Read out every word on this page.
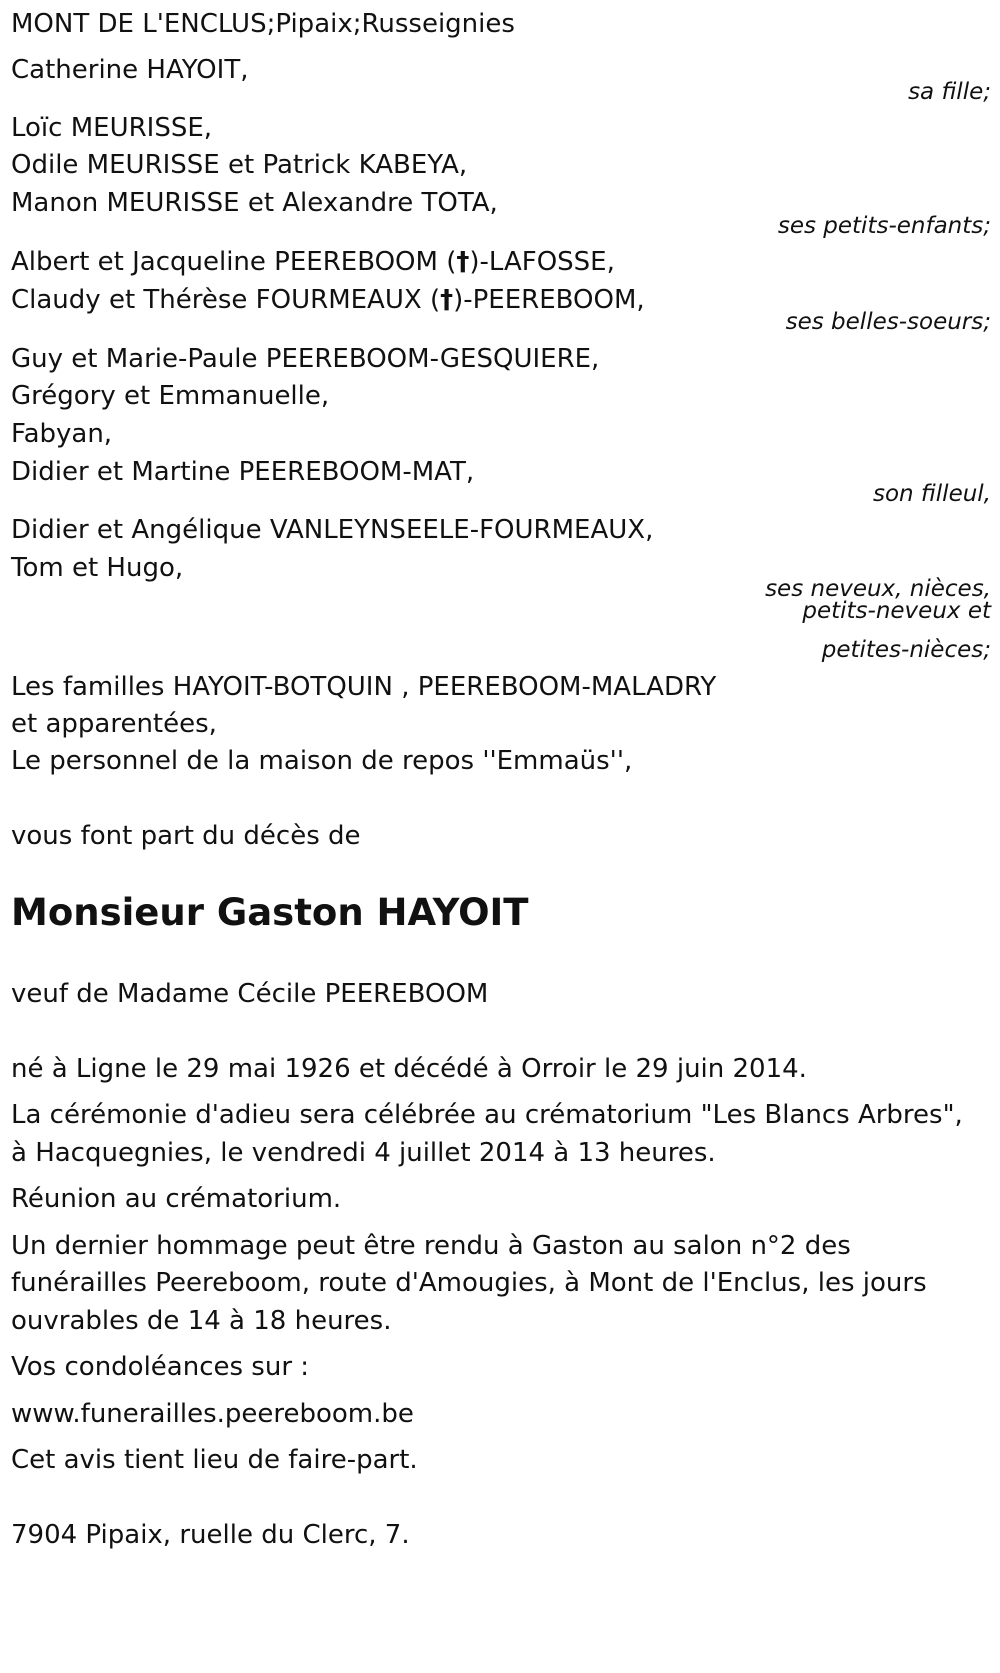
MONT DE L'ENCLUS;Pipaix;Russeignies
Catherine HAYOIT,
sa fille;
Loïc MEURISSE,
Odile MEURISSE et Patrick KABEYA,
Manon MEURISSE et Alexandre TOTA,
ses petits-enfants;
Albert et Jacqueline PEEREBOOM (†)-LAFOSSE,
Claudy et Thérèse FOURMEAUX (†)-PEEREBOOM,
ses belles-soeurs;
Guy et Marie-Paule PEEREBOOM-GESQUIERE,
Grégory et Emmanuelle,
Fabyan,
Didier et Martine PEEREBOOM-MAT,
son filleul,
Didier et Angélique VANLEYNSEELE-FOURMEAUX,
Tom et Hugo,
ses neveux, nièces,
petits-neveux et
petites-nièces;
Les familles HAYOIT-BOTQUIN , PEEREBOOM-MALADRY
et apparentées,
Le personnel de la maison de repos ''Emmaüs'',
vous font part du décès de
Monsieur Gaston HAYOIT
veuf de Madame Cécile PEEREBOOM
né à Ligne le 29 mai 1926 et décédé à Orroir le 29 juin 2014.
La cérémonie d'adieu sera célébrée au crématorium "Les Blancs Arbres",
à Hacquegnies, le vendredi 4 juillet 2014 à 13 heures.
Réunion au crématorium.
Un dernier hommage peut être rendu à Gaston au salon n°2 des
funérailles Peereboom, route d'Amougies, à Mont de l'Enclus, les jours
ouvrables de 14 à 18 heures.
Vos condoléances sur :
www.funerailles.peereboom.be
Cet avis tient lieu de faire-part.
7904 Pipaix, ruelle du Clerc, 7.
